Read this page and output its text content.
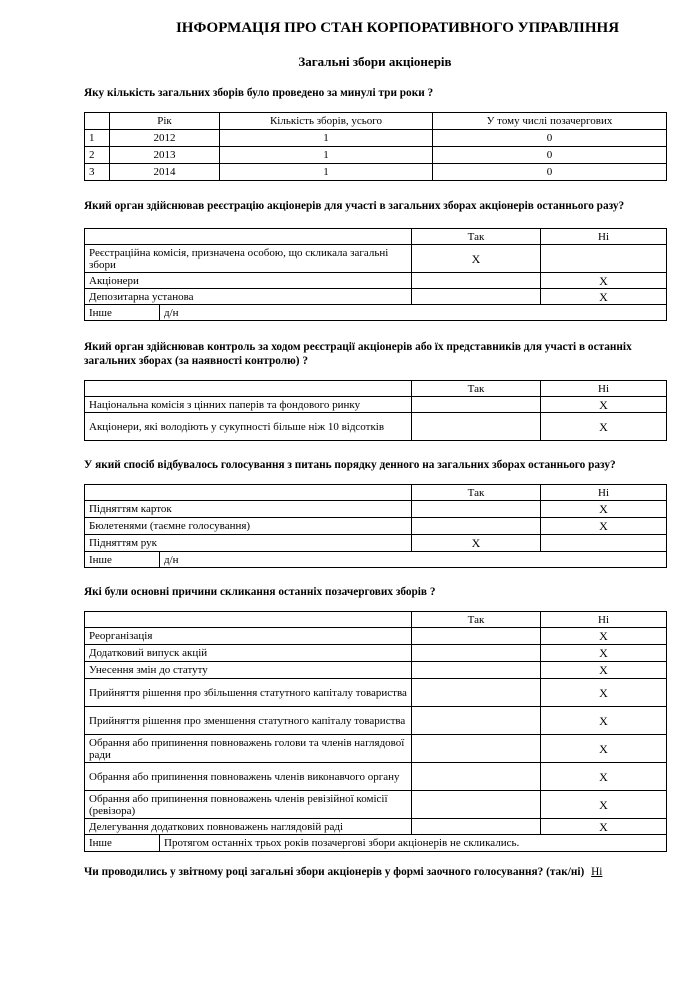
ІНФОРМАЦІЯ ПРО СТАН КОРПОРАТИВНОГО УПРАВЛІННЯ
Загальні збори акціонерів
Яку кількість загальних зборів було проведено за минулі три роки ?
	Рік	Кількість зборів, усього	У тому числі позачергових
1	2012	1	0
2	2013	1	0
3	2014	1	0
Який орган здійснював реєстрацію акціонерів для участі в загальних зборах акціонерів останнього разу?
		Так	Ні
Реєстраційна комісія, призначена особою, що скликала загальні збори		X	
Акціонери			X
Депозитарна установа			X
Інше	д/н		
Який орган здійснював контроль за ходом реєстрації акціонерів або їх представників для участі в останніх загальних зборах (за наявності контролю) ?
	Так	Ні
Національна комісія з цінних паперів та фондового ринку		X
Акціонери, які володіють у сукупності більше ніж 10 відсотків		X
У який спосіб відбувалось голосування з питань порядку денного на загальних зборах останнього разу?
		Так	Ні
Підняттям карток			X
Бюлетенями (таємне голосування)			X
Підняттям рук		X	
Інше	д/н		
Які були основні причини скликання останніх позачергових зборів ?
		Так	Ні
Реорганізація			X
Додатковий випуск акцій			X
Унесення змін до статуту			X
Прийняття рішення про збільшення статутного капіталу товариства			X
Прийняття рішення про зменшення статутного капіталу товариства			X
Обрання або припинення повноважень голови та членів наглядової ради			X
Обрання або припинення повноважень членів виконавчого органу			X
Обрання або припинення повноважень членів ревізійної комісії (ревізора)			X
Делегування додаткових повноважень наглядовій раді			X
Інше	Протягом останніх трьох років позачергові збори акціонерів не скликались.		
Чи проводились у звітному році загальні збори акціонерів у формі заочного голосування? (так/ні) Ні
